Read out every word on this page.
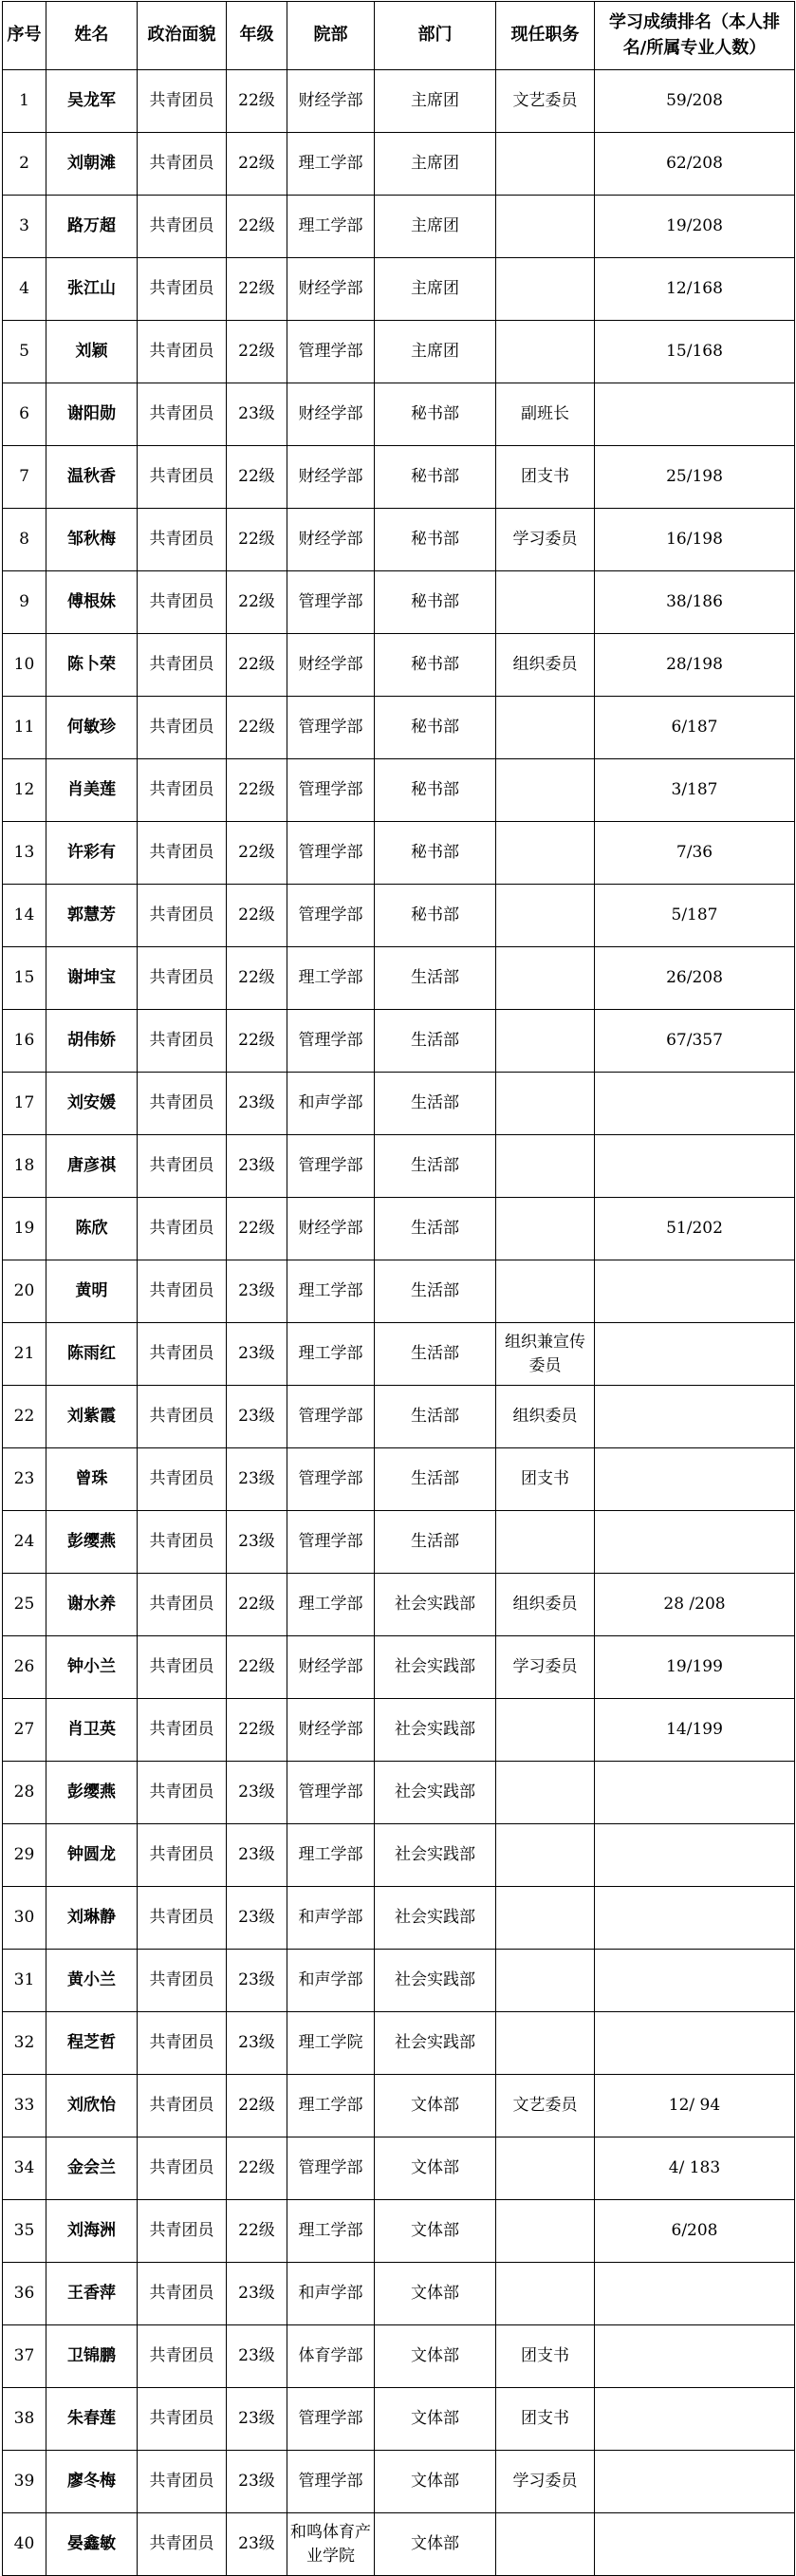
序号	姓名	政治面貌	年级	院部	部门	现任职务	学习成绩排名（本人排名/所属专业人数）
1	吴龙军	共青团员	22级	财经学部	主席团	文艺委员	59/208
2	刘朝滩	共青团员	22级	理工学部	主席团		62/208
3	路万超	共青团员	22级	理工学部	主席团		19/208
4	张江山	共青团员	22级	财经学部	主席团		12/168
5	刘颖	共青团员	22级	管理学部	主席团		15/168
6	谢阳勋	共青团员	23级	财经学部	秘书部	副班长	
7	温秋香	共青团员	22级	财经学部	秘书部	团支书	25/198
8	邹秋梅	共青团员	22级	财经学部	秘书部	学习委员	16/198
9	傅根妹	共青团员	22级	管理学部	秘书部		38/186
10	陈卜荣	共青团员	22级	财经学部	秘书部	组织委员	28/198
11	何敏珍	共青团员	22级	管理学部	秘书部		6/187
12	肖美莲	共青团员	22级	管理学部	秘书部		3/187
13	许彩有	共青团员	22级	管理学部	秘书部		7/36
14	郭慧芳	共青团员	22级	管理学部	秘书部		5/187
15	谢坤宝	共青团员	22级	理工学部	生活部		26/208
16	胡伟娇	共青团员	22级	管理学部	生活部		67/357
17	刘安媛	共青团员	23级	和声学部	生活部		
18	唐彦祺	共青团员	23级	管理学部	生活部		
19	陈欣	共青团员	22级	财经学部	生活部		51/202
20	黄明	共青团员	23级	理工学部	生活部		
21	陈雨红	共青团员	23级	理工学部	生活部	组织兼宣传委员	
22	刘紫霞	共青团员	23级	管理学部	生活部	组织委员	
23	曾珠	共青团员	23级	管理学部	生活部	团支书	
24	彭缨燕	共青团员	23级	管理学部	生活部		
25	谢水养	共青团员	22级	理工学部	社会实践部	组织委员	28 /208
26	钟小兰	共青团员	22级	财经学部	社会实践部	学习委员	19/199
27	肖卫英	共青团员	22级	财经学部	社会实践部		14/199
28	彭缨燕	共青团员	23级	管理学部	社会实践部		
29	钟圆龙	共青团员	23级	理工学部	社会实践部		
30	刘琳静	共青团员	23级	和声学部	社会实践部		
31	黄小兰	共青团员	23级	和声学部	社会实践部		
32	程芝哲	共青团员	23级	理工学院	社会实践部		
33	刘欣怡	共青团员	22级	理工学部	文体部	文艺委员	12/ 94
34	金会兰	共青团员	22级	管理学部	文体部		4/ 183
35	刘海洲	共青团员	22级	理工学部	文体部		6/208
36	王香萍	共青团员	23级	和声学部	文体部		
37	卫锦鹏	共青团员	23级	体育学部	文体部	团支书	
38	朱春莲	共青团员	23级	管理学部	文体部	团支书	
39	廖冬梅	共青团员	23级	管理学部	文体部	学习委员	
40	晏鑫敏	共青团员	23级	和鸣体育产业学院	文体部		
